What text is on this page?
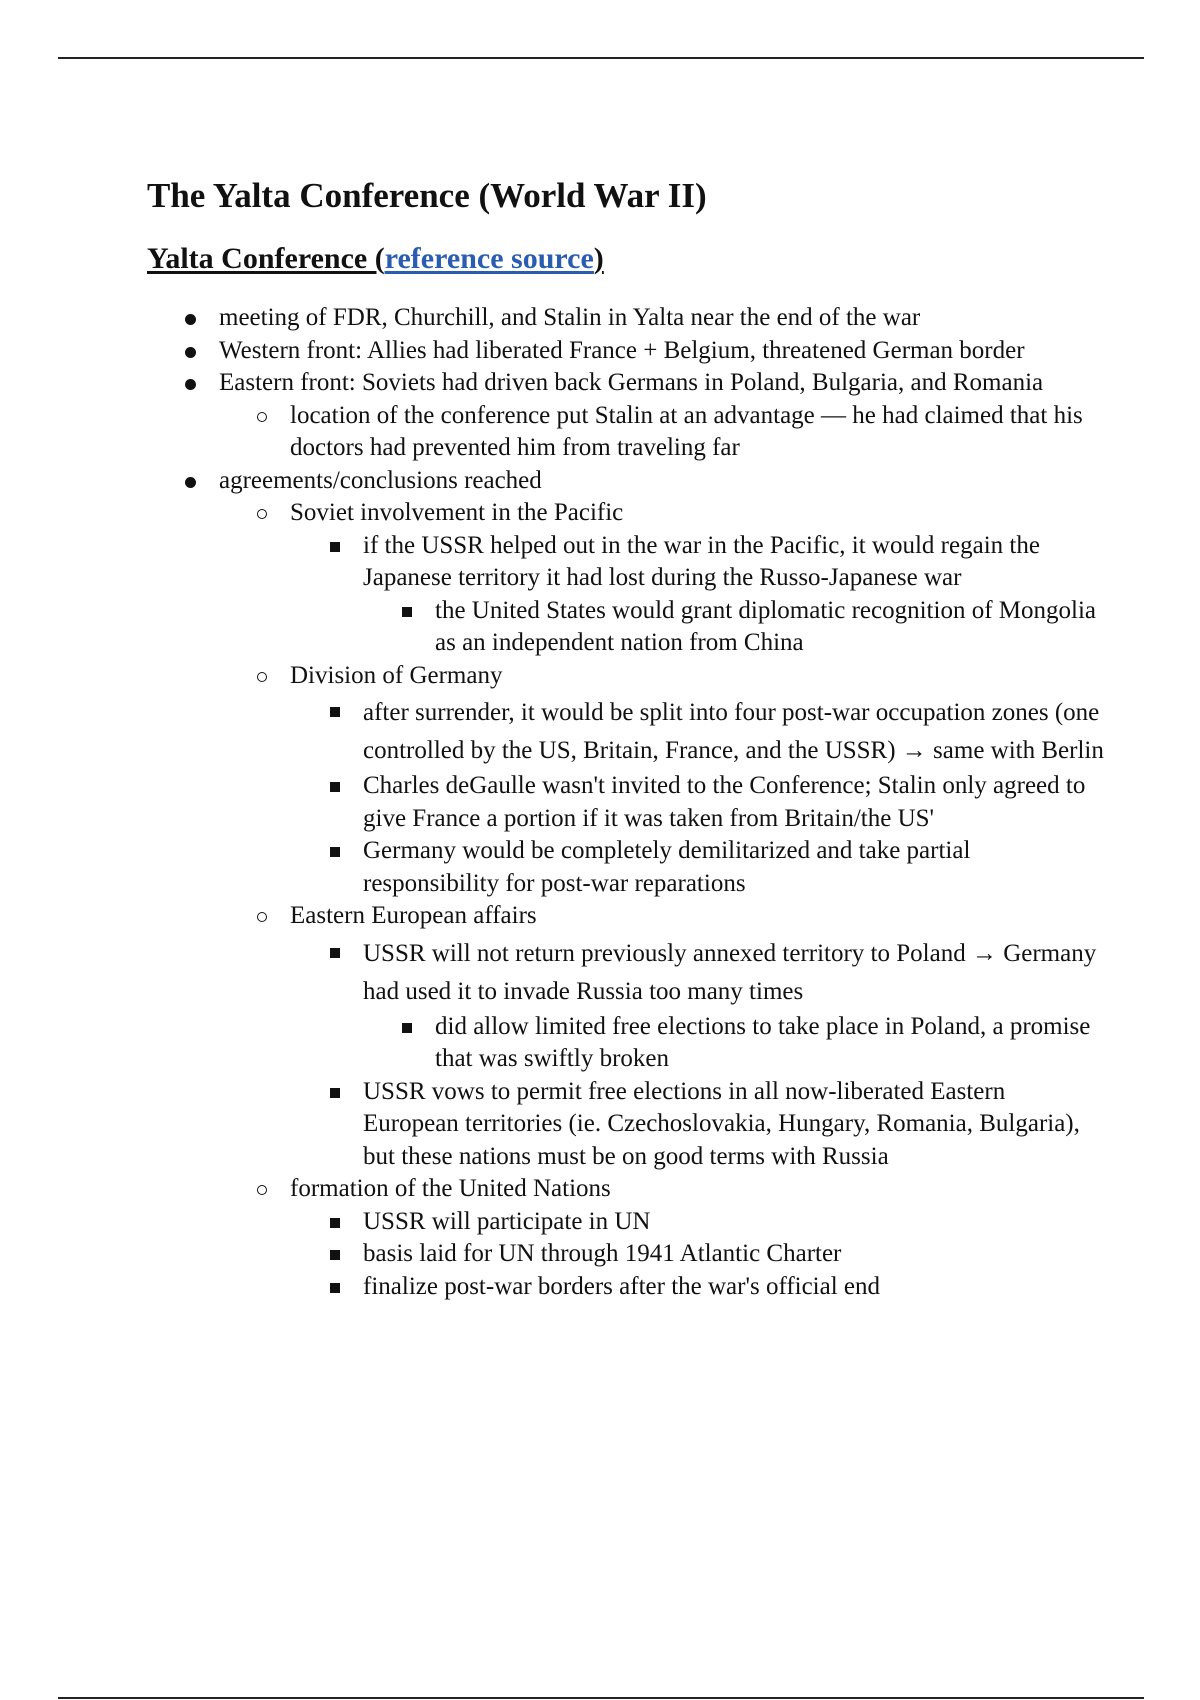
The Yalta Conference (World War II)
Yalta Conference (reference source)
meeting of FDR, Churchill, and Stalin in Yalta near the end of the war
Western front: Allies had liberated France + Belgium, threatened German border
Eastern front: Soviets had driven back Germans in Poland, Bulgaria, and Romania
location of the conference put Stalin at an advantage — he had claimed that his doctors had prevented him from traveling far
agreements/conclusions reached
Soviet involvement in the Pacific
if the USSR helped out in the war in the Pacific, it would regain the Japanese territory it had lost during the Russo-Japanese war
the United States would grant diplomatic recognition of Mongolia as an independent nation from China
Division of Germany
after surrender, it would be split into four post-war occupation zones (one controlled by the US, Britain, France, and the USSR) → same with Berlin
Charles deGaulle wasn't invited to the Conference; Stalin only agreed to give France a portion if it was taken from Britain/the US'
Germany would be completely demilitarized and take partial responsibility for post-war reparations
Eastern European affairs
USSR will not return previously annexed territory to Poland → Germany had used it to invade Russia too many times
did allow limited free elections to take place in Poland, a promise that was swiftly broken
USSR vows to permit free elections in all now-liberated Eastern European territories (ie. Czechoslovakia, Hungary, Romania, Bulgaria), but these nations must be on good terms with Russia
formation of the United Nations
USSR will participate in UN
basis laid for UN through 1941 Atlantic Charter
finalize post-war borders after the war's official end
